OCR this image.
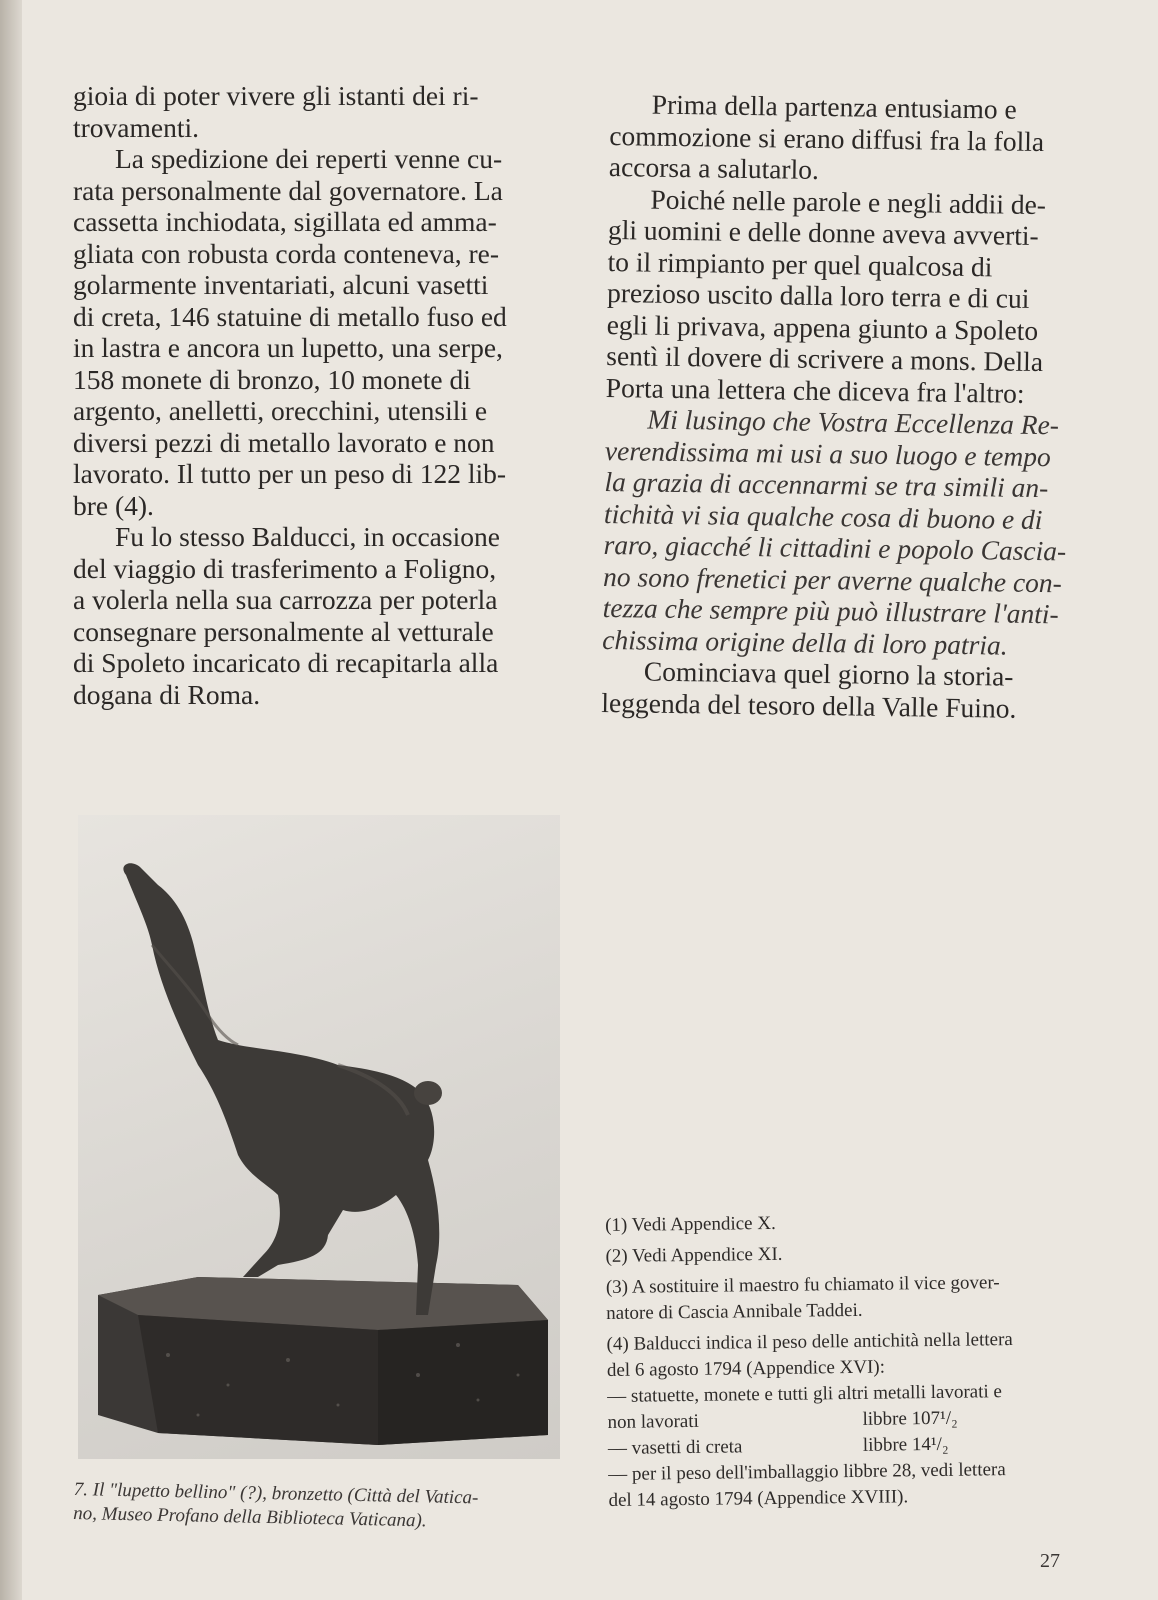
gioia di poter vivere gli istanti dei ri-
trovamenti.

La spedizione dei reperti venne cu-
rata personalmente dal governatore. La
cassetta inchiodata, sigillata ed amma-
gliata con robusta corda conteneva, re-
golarmente inventariati, alcuni vasetti
di creta, 146 statuine di metallo fuso ed
in lastra e ancora un lupetto, una serpe,
158 monete di bronzo, 10 monete di
argento, anelletti, orecchini, utensili e
diversi pezzi di metallo lavorato e non
lavorato. Il tutto per un peso di 122 lib-
bre (4).

Fu lo stesso Balducci, in occasione
del viaggio di trasferimento a Foligno,
a volerla nella sua carrozza per poterla
consegnare personalmente al vetturale
di Spoleto incaricato di recapitarla alla
dogana di Roma.

Prima della partenza entusiamo e
commozione si erano diffusi fra la folla
accorsa a salutarlo.

Poiché nelle parole e negli addii de-
gli uomini e delle donne aveva avverti-
to il rimpianto per quel qualcosa di
prezioso uscito dalla loro terra e di cui
egli li privava, appena giunto a Spoleto
sentì il dovere di scrivere a mons. Della
Porta una lettera che diceva fra l'altro:

Mi lusingo che Vostra Eccellenza Re-
verendissima mi usi a suo luogo e tempo
la grazia di accennarmi se tra simili an-
tichità vi sia qualche cosa di buono e di
raro, giacché li cittadini e popolo Cascia-
no sono frenetici per averne qualche con-
tezza che sempre più può illustrare l'anti-
chissima origine della di loro patria.

Cominciava quel giorno la storia-
leggenda del tesoro della Valle Fuino.

7. Il "lupetto bellino" (?), bronzetto (Città del Vatica-
no, Museo Profano della Biblioteca Vaticana).
(1) Vedi Appendice X.
(2) Vedi Appendice XI.
(3) A sostituire il maestro fu chiamato il vice gover-
natore di Cascia Annibale Taddei.
(4) Balducci indica il peso delle antichità nella lettera
del 6 agosto 1794 (Appendice XVI):
— statuette, monete e tutti gli altri metalli lavorati e
non lavorati	libbre 107¹/₂
— vasetti di creta	libbre 14¹/₂
— per il peso dell'imballaggio libbre 28, vedi lettera
del 14 agosto 1794 (Appendice XVIII).
27
